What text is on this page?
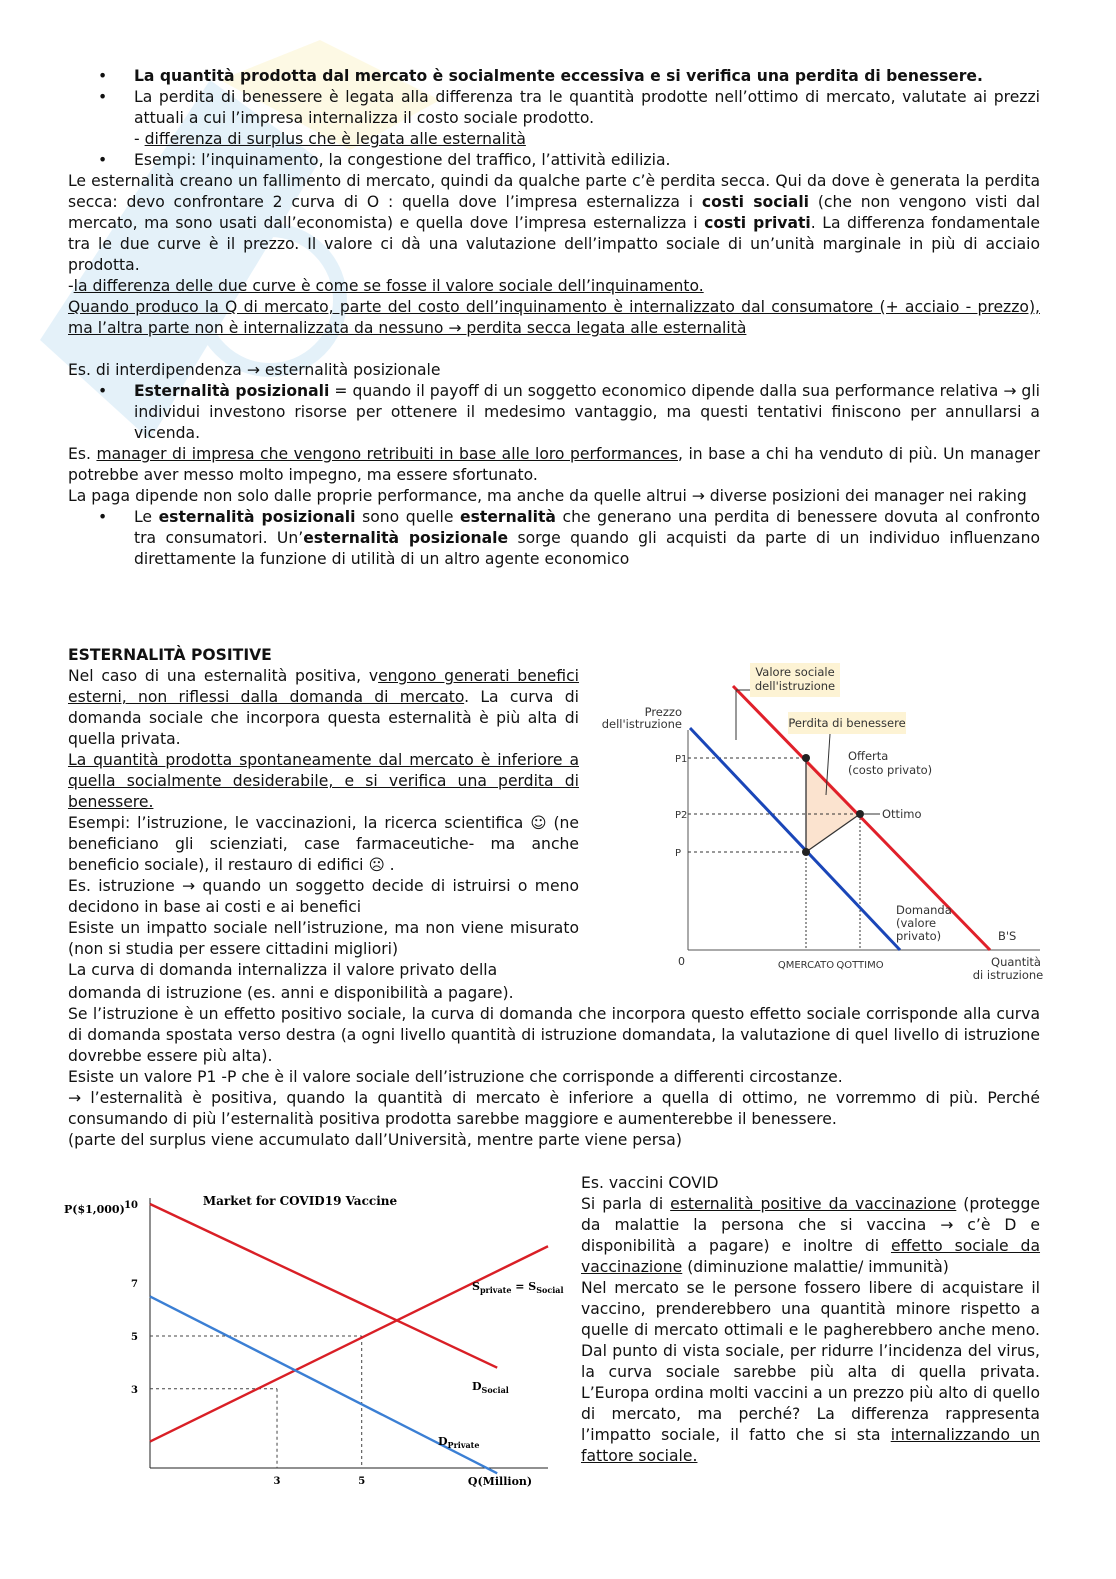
•	La quantità prodotta dal mercato è socialmente eccessiva e si verifica una perdita di benessere.
•	La perdita di benessere è legata alla differenza tra le quantità prodotte nell’ottimo di mercato, valutate ai prezzi attuali a cui l’impresa internalizza il costo sociale prodotto.
- differenza di surplus che è legata alle esternalità
•	Esempi: l’inquinamento, la congestione del traffico, l’attività edilizia.

Le esternalità creano un fallimento di mercato, quindi da qualche parte c’è perdita secca. Qui da dove è generata la perdita secca: devo confrontare 2 curva di O : quella dove l’impresa esternalizza i costi sociali (che non vengono visti dal mercato, ma sono usati dall’economista) e quella dove l’impresa esternalizza i costi privati. La differenza fondamentale tra le due curve è il prezzo. Il valore ci dà una valutazione dell’impatto sociale di un’unità marginale in più di acciaio prodotta.

-la differenza delle due curve è come se fosse il valore sociale dell’inquinamento.

Quando produco la Q di mercato, parte del costo dell’inquinamento è internalizzato dal consumatore (+ acciaio - prezzo), ma l’altra parte non è internalizzata da nessuno → perdita secca legata alle esternalità

Es. di interdipendenza → esternalità posizionale

•	Esternalità posizionali = quando il payoff di un soggetto economico dipende dalla sua performance relativa → gli individui investono risorse per ottenere il medesimo vantaggio, ma questi tentativi finiscono per annullarsi a vicenda.

Es. manager di impresa che vengono retribuiti in base alle loro performances, in base a chi ha venduto di più. Un manager potrebbe aver messo molto impegno, ma essere sfortunato.

La paga dipende non solo dalle proprie performance, ma anche da quelle altrui → diverse posizioni dei manager nei raking

•	Le esternalità posizionali sono quelle esternalità che generano una perdita di benessere dovuta al confronto tra consumatori. Un’esternalità posizionale sorge quando gli acquisti da parte di un individuo influenzano direttamente la funzione di utilità di un altro agente economico

ESTERNALITÀ POSITIVE

Nel caso di una esternalità positiva, vengono generati benefici esterni, non riflessi dalla domanda di mercato. La curva di domanda sociale che incorpora questa esternalità è più alta di quella privata.

La quantità prodotta spontaneamente dal mercato è inferiore a quella socialmente desiderabile, e si verifica una perdita di benessere.

Esempi: l’istruzione, le vaccinazioni, la ricerca scientifica ☺ (ne beneficiano gli scienziati, case farmaceutiche- ma anche beneficio sociale), il restauro di edifici ☹ .

Es. istruzione → quando un soggetto decide di istruirsi o meno decidono in base ai costi e ai benefici

Esiste un impatto sociale nell’istruzione, ma non viene misurato (non si studia per essere cittadini migliori)

La curva di domanda internalizza il valore privato della

Valore sociale
dell'istruzione
Perdita di benessere
Offerta
(costo privato)
Ottimo
Domanda
(valore
privato)	B'S
Prezzo
dell'istruzione
P1
P2
P
0	QMERCATO QOTTIMO	Quantità
di istruzione

domanda di istruzione (es. anni e disponibilità a pagare).

Se l’istruzione è un effetto positivo sociale, la curva di domanda che incorpora questo effetto sociale corrisponde alla curva di domanda spostata verso destra (a ogni livello quantità di istruzione domandata, la valutazione di quel livello di istruzione dovrebbe essere più alta).

Esiste un valore P1 -P che è il valore sociale dell’istruzione che corrisponde a differenti circostanze.

→ l’esternalità è positiva, quando la quantità di mercato è inferiore a quella di ottimo, ne vorremmo di più. Perché consumando di più l’esternalità positiva prodotta sarebbe maggiore e aumenterebbe il benessere.

(parte del surplus viene accumulato dall’Università, mentre parte viene persa)

10
7
5
3
3	5
Market for COVID19 Vaccine
P($1,000)
Q(Million)
$S_{private} = S_{Social}$
$D_{Social}$
$D_{Private}$

Es. vaccini COVID

Si parla di esternalità positive da vaccinazione (protegge da malattie la persona che si vaccina → c’è D e disponibilità a pagare) e inoltre di effetto sociale da vaccinazione (diminuzione malattie/ immunità)

Nel mercato se le persone fossero libere di acquistare il vaccino, prenderebbero una quantità minore rispetto a quelle di mercato ottimali e le pagherebbero anche meno. Dal punto di vista sociale, per ridurre l’incidenza del virus, la curva sociale sarebbe più alta di quella privata. L’Europa ordina molti vaccini a un prezzo più alto di quello di mercato, ma perché? La differenza rappresenta l’impatto sociale, il fatto che si sta internalizzando un fattore sociale.
